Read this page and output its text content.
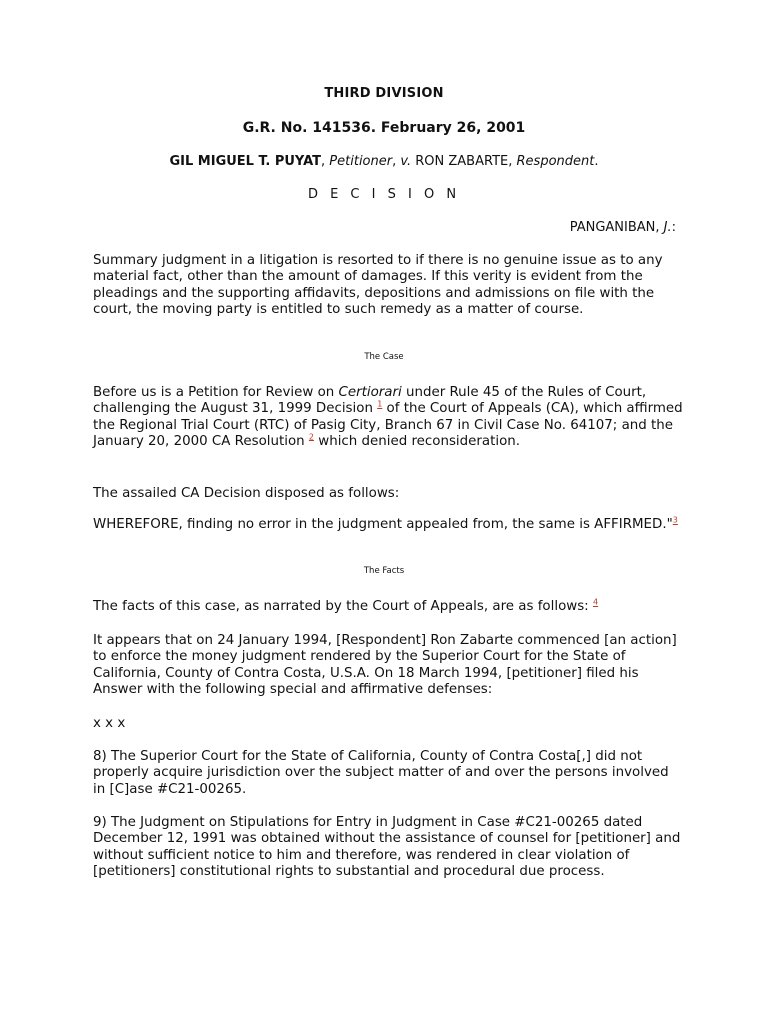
THIRD DIVISION
G.R. No. 141536. February 26, 2001
GIL MIGUEL T. PUYAT, Petitioner, v. RON ZABARTE, Respondent.
D E C I S I O N
PANGANIBAN, J.:
Summary judgment in a litigation is resorted to if there is no genuine issue as to any material fact, other than the amount of damages. If this verity is evident from the pleadings and the supporting affidavits, depositions and admissions on file with the court, the moving party is entitled to such remedy as a matter of course.
The Case
Before us is a Petition for Review on Certiorari under Rule 45 of the Rules of Court, challenging the August 31, 1999 Decision $^1$ of the Court of Appeals (CA), which affirmed the Regional Trial Court (RTC) of Pasig City, Branch 67 in Civil Case No. 64107; and the January 20, 2000 CA Resolution $^2$ which denied reconsideration.
The assailed CA Decision disposed as follows:
WHEREFORE, finding no error in the judgment appealed from, the same is AFFIRMED."$^3$
The Facts
The facts of this case, as narrated by the Court of Appeals, are as follows: $^4$
It appears that on 24 January 1994, [Respondent] Ron Zabarte commenced [an action] to enforce the money judgment rendered by the Superior Court for the State of California, County of Contra Costa, U.S.A. On 18 March 1994, [petitioner] filed his Answer with the following special and affirmative defenses:
x x x
8) The Superior Court for the State of California, County of Contra Costa[,] did not properly acquire jurisdiction over the subject matter of and over the persons involved in [C]ase #C21-00265.
9) The Judgment on Stipulations for Entry in Judgment in Case #C21-00265 dated December 12, 1991 was obtained without the assistance of counsel for [petitioner] and without sufficient notice to him and therefore, was rendered in clear violation of [petitioners] constitutional rights to substantial and procedural due process.
